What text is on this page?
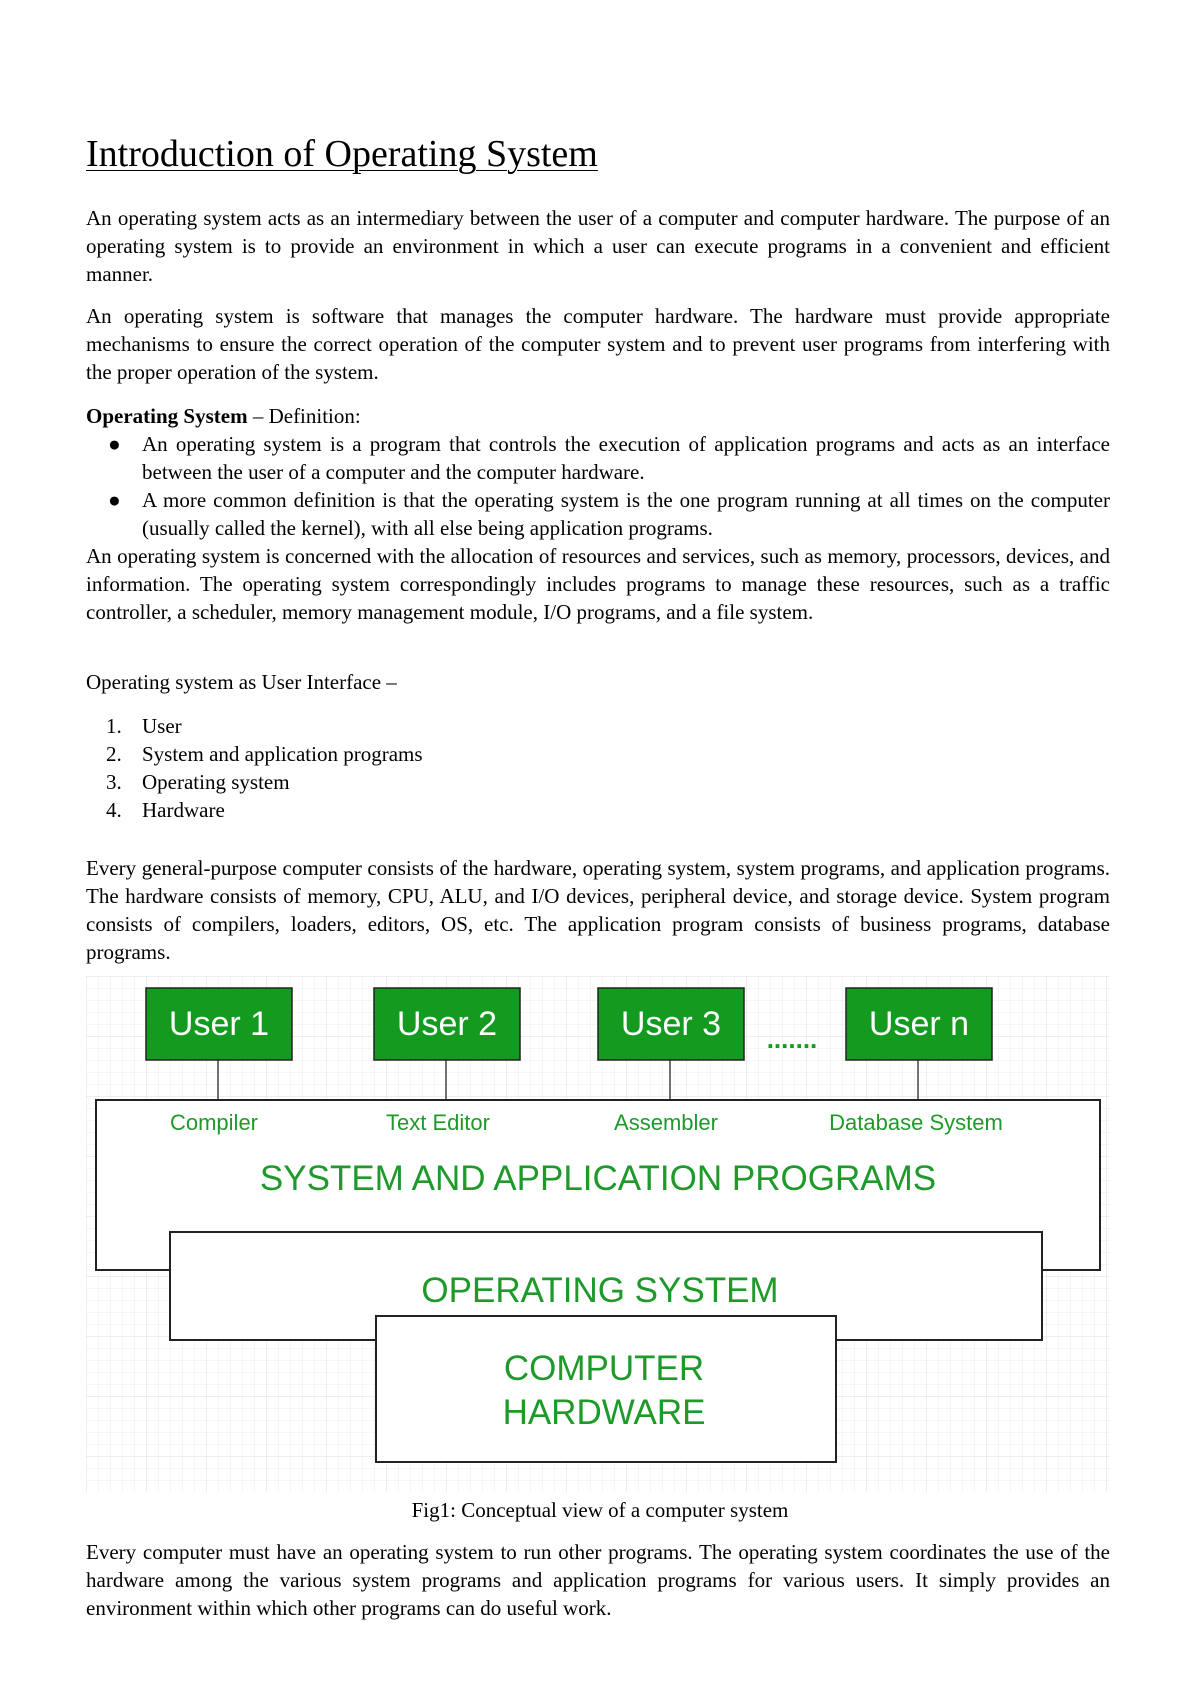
Introduction of Operating System

An operating system acts as an intermediary between the user of a computer and computer hardware. The purpose of an operating system is to provide an environment in which a user can execute programs in a convenient and efficient manner.

An operating system is software that manages the computer hardware. The hardware must provide appropriate mechanisms to ensure the correct operation of the computer system and to prevent user programs from interfering with the proper operation of the system.

Operating System – Definition:

● An operating system is a program that controls the execution of application programs and acts as an interface between the user of a computer and the computer hardware.
● A more common definition is that the operating system is the one program running at all times on the computer (usually called the kernel), with all else being application programs.

An operating system is concerned with the allocation of resources and services, such as memory, processors, devices, and information. The operating system correspondingly includes programs to manage these resources, such as a traffic controller, a scheduler, memory management module, I/O programs, and a file system.

Operating system as User Interface –

1. User
2. System and application programs
3. Operating system
4. Hardware

Every general-purpose computer consists of the hardware, operating system, system programs, and application programs. The hardware consists of memory, CPU, ALU, and I/O devices, peripheral device, and storage device. System program consists of compilers, loaders, editors, OS, etc. The application program consists of business programs, database programs.

Every computer must have an operating system to run other programs. The operating system coordinates the use of the hardware among the various system programs and application programs for various users. It simply provides an environment within which other programs can do useful work.

User 1	User 2	User 3 ....... User n
Compiler	Text Editor	Assembler	Database System
SYSTEM AND APPLICATION PROGRAMS
OPERATING SYSTEM
COMPUTER
HARDWARE
Fig1: Conceptual view of a computer system
